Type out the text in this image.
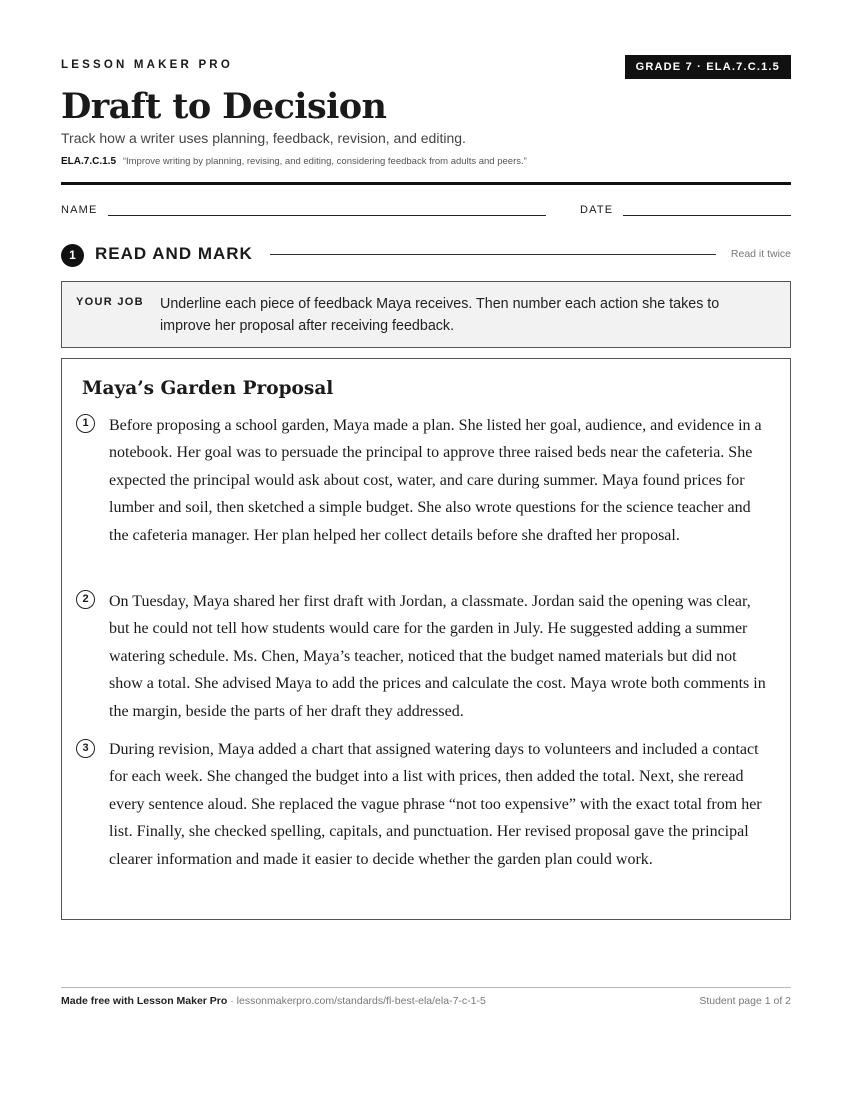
LESSON MAKER PRO	GRADE 7 · ELA.7.C.1.5
Draft to Decision
Track how a writer uses planning, feedback, revision, and editing.
ELA.7.C.1.5 “Improve writing by planning, revising, and editing, considering feedback from adults and peers.”
NAME	DATE
1	READ AND MARK	Read it twice
YOUR JOB Underline each piece of feedback Maya receives. Then number each action she takes to improve her proposal after receiving feedback.
Maya’s Garden Proposal
1	Before proposing a school garden, Maya made a plan. She listed her goal, audience, and evidence in a notebook. Her goal was to persuade the principal to approve three raised beds near the cafeteria. She expected the principal would ask about cost, water, and care during summer. Maya found prices for lumber and soil, then sketched a simple budget. She also wrote questions for the science teacher and the cafeteria manager. Her plan helped her collect details before she drafted her proposal.
2	On Tuesday, Maya shared her first draft with Jordan, a classmate. Jordan said the opening was clear, but he could not tell how students would care for the garden in July. He suggested adding a summer watering schedule. Ms. Chen, Maya’s teacher, noticed that the budget named materials but did not show a total. She advised Maya to add the prices and calculate the cost. Maya wrote both comments in the margin, beside the parts of her draft they addressed.
3	During revision, Maya added a chart that assigned watering days to volunteers and included a contact for each week. She changed the budget into a list with prices, then added the total. Next, she reread every sentence aloud. She replaced the vague phrase “not too expensive” with the exact total from her list. Finally, she checked spelling, capitals, and punctuation. Her revised proposal gave the principal clearer information and made it easier to decide whether the garden plan could work.
Made free with Lesson Maker Pro · lessonmakerpro.com/standards/fl-best-ela/ela-7-c-1-5	Student page 1 of 2
